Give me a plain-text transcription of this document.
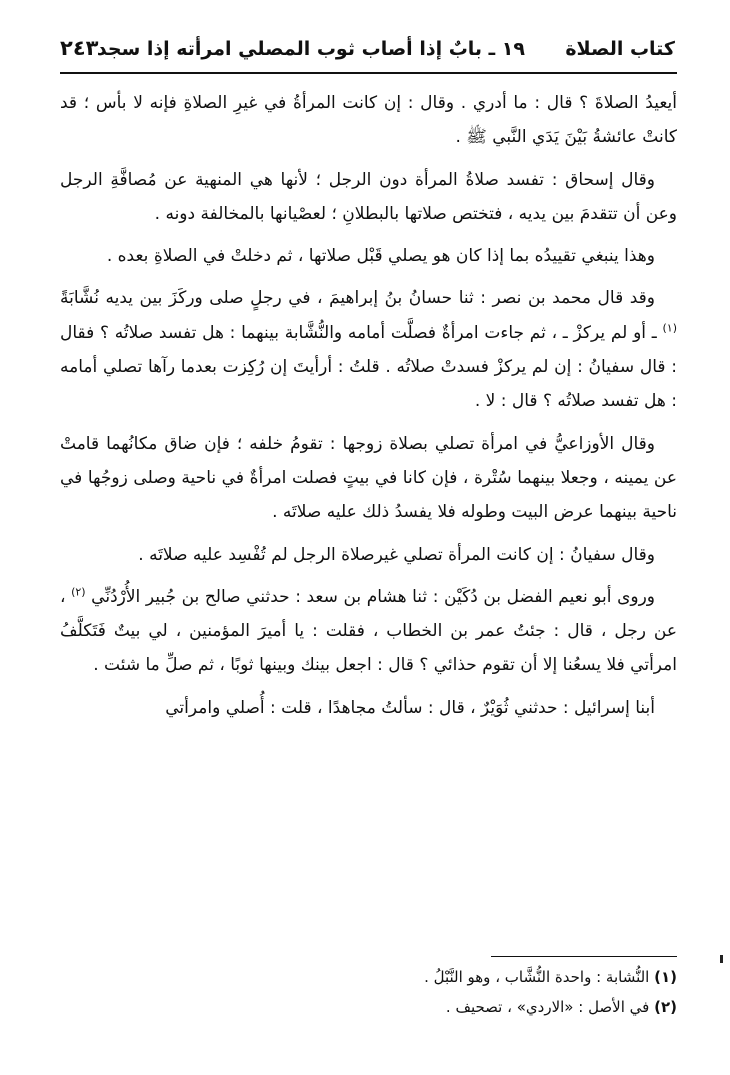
كتاب الصلاة
١٩ ـ بابٌ إذا أصاب ثوب المصلي امرأته إذا سجد
٢٤٣

أيعيدُ الصلاةَ ؟ قال : ما أدري . وقال : إن كانت المرأةُ في غيرِ الصلاةِ فإنه لا بأس ؛ قد كانتْ عائشةُ بَيْنَ يَدَي النَّبي ﷺ .

وقال إسحاق : تفسد صلاةُ المرأة دون الرجل ؛ لأنها هي المنهية عن مُصافَّةِ الرجل وعن أن تتقدمَ بين يديه ، فتختص صلاتها بالبطلانِ ؛ لعصْيانها بالمخالفة دونه .

وهذا ينبغي تقييدُه بما إذا كان هو يصلي قَبْل صلاتها ، ثم دخلتْ في الصلاةِ بعده .

وقد قال محمد بن نصر : ثنا حسانُ بنُ إبراهيمَ ، في رجلٍ صلى وركَزَ بين يديه نُشَّابَةً $^{(١)}$ ـ أو لم يركزْ ـ ، ثم جاءت امرأةٌ فصلَّت أمامه والنُّشَّابة بينهما : هل تفسد صلاتُه ؟ فقال : قال سفيانُ : إن لم يركزْ فسدتْ صلاتُه . قلتُ : أرأيتَ إن رُكِزت بعدما رآها تصلي أمامه : هل تفسد صلاتُه ؟ قال : لا .

وقال الأوزاعيُّ في امرأة تصلي بصلاة زوجها : تقومُ خلفه ؛ فإن ضاق مكانُهما قامتْ عن يمينه ، وجعلا بينهما سُتْرة ، فإن كانا في بيتٍ فصلت امرأةٌ في ناحية وصلى زوجُها في ناحية بينهما عرض البيت وطوله فلا يفسدُ ذلك عليه صلاتَه .

وقال سفيانُ : إن كانت المرأة تصلي غيرصلاة الرجل لم تُفْسِد عليه صلاتَه .

وروى أبو نعيم الفضل بن دُكَيْن : ثنا هشام بن سعد : حدثني صالح بن جُبير الأُرْدُنِّي $^{(٢)}$ ، عن رجل ، قال : جئتُ عمر بن الخطاب ، فقلت : يا أميرَ المؤمنين ، لي بيتٌ فَتَكلَّفُ امرأتي فلا يسعُنا إلا أن تقوم حذائي ؟ قال : اجعل بينك وبينها ثوبًا ، ثم صلِّ ما شئت .

أبنا إسرائيل : حدثني ثُوَيْرٌ ، قال : سألتُ مجاهدًا ، قلت : أُصلي وامرأتي

(١) النُّشابة : واحدة النُّشَّاب ، وهو النَّبْلُ .

(٢) في الأصل : «الاردي» ، تصحيف .
